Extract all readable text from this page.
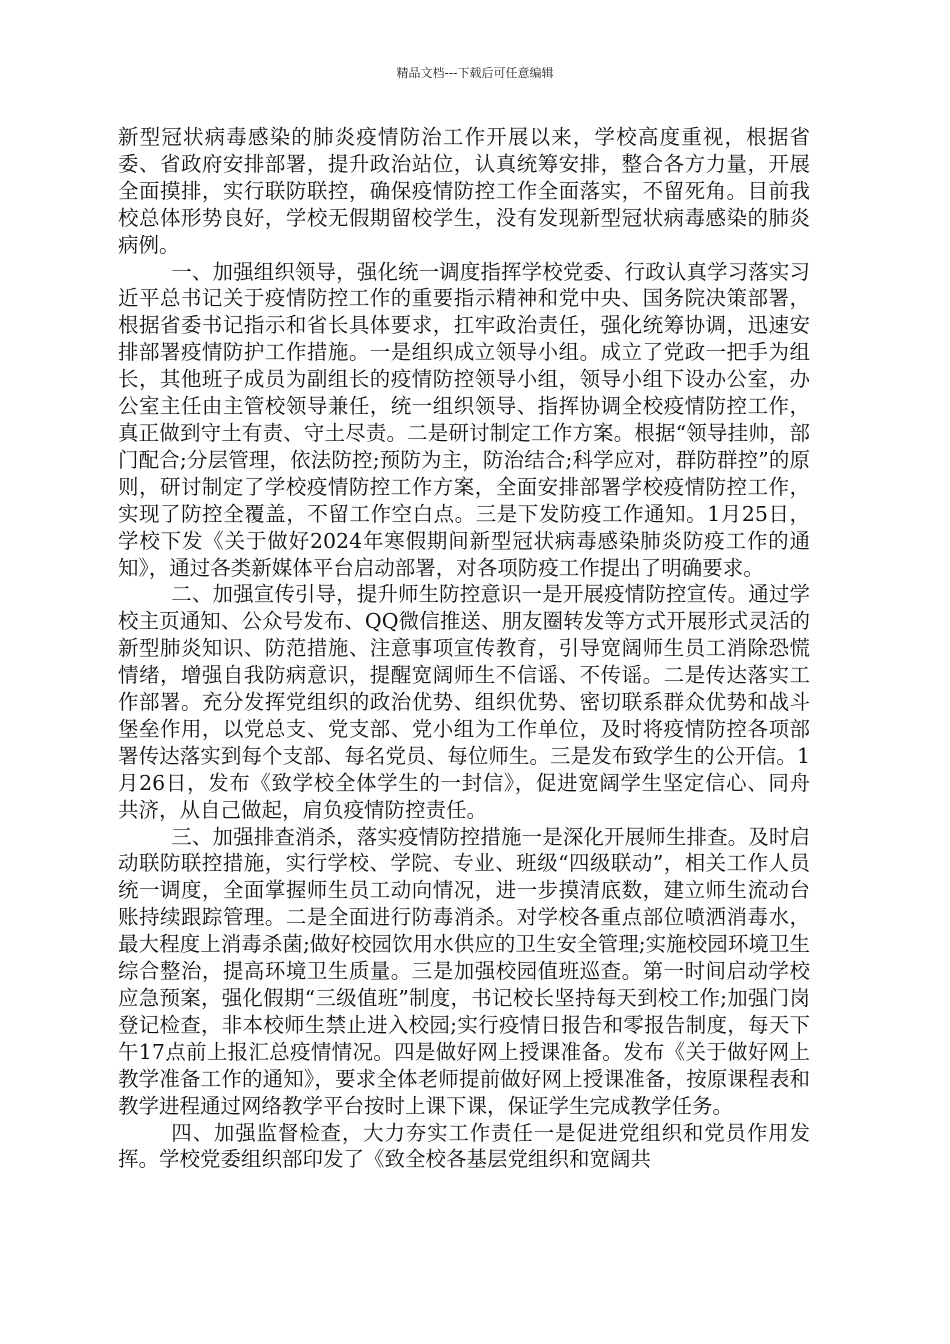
精品文档---下载后可任意编辑

新型冠状病毒感染的肺炎疫情防治工作开展以来，学校高度重视，根据省委、省政府安排部署，提升政治站位，认真统筹安排，整合各方力量，开展全面摸排，实行联防联控，确保疫情防控工作全面落实，不留死角。目前我校总体形势良好，学校无假期留校学生，没有发现新型冠状病毒感染的肺炎病例。

一、加强组织领导，强化统一调度指挥学校党委、行政认真学习落实习近平总书记关于疫情防控工作的重要指示精神和党中央、国务院决策部署，根据省委书记指示和省长具体要求，扛牢政治责任，强化统筹协调，迅速安排部署疫情防护工作措施。一是组织成立领导小组。成立了党政一把手为组长，其他班子成员为副组长的疫情防控领导小组，领导小组下设办公室，办公室主任由主管校领导兼任，统一组织领导、指挥协调全校疫情防控工作，真正做到守土有责、守土尽责。二是研讨制定工作方案。根据“领导挂帅，部门配合;分层管理，依法防控;预防为主，防治结合;科学应对，群防群控”的原则，研讨制定了学校疫情防控工作方案，全面安排部署学校疫情防控工作，实现了防控全覆盖，不留工作空白点。三是下发防疫工作通知。1月25日，学校下发《关于做好2024年寒假期间新型冠状病毒感染肺炎防疫工作的通知》，通过各类新媒体平台启动部署，对各项防疫工作提出了明确要求。

二、加强宣传引导，提升师生防控意识一是开展疫情防控宣传。通过学校主页通知、公众号发布、QQ微信推送、朋友圈转发等方式开展形式灵活的新型肺炎知识、防范措施、注意事项宣传教育，引导宽阔师生员工消除恐慌情绪，增强自我防病意识，提醒宽阔师生不信谣、不传谣。二是传达落实工作部署。充分发挥党组织的政治优势、组织优势、密切联系群众优势和战斗堡垒作用，以党总支、党支部、党小组为工作单位，及时将疫情防控各项部署传达落实到每个支部、每名党员、每位师生。三是发布致学生的公开信。1月26日，发布《致学校全体学生的一封信》，促进宽阔学生坚定信心、同舟共济，从自己做起，肩负疫情防控责任。

三、加强排查消杀，落实疫情防控措施一是深化开展师生排查。及时启动联防联控措施，实行学校、学院、专业、班级“四级联动”，相关工作人员统一调度，全面掌握师生员工动向情况，进一步摸清底数，建立师生流动台账持续跟踪管理。二是全面进行防毒消杀。对学校各重点部位喷洒消毒水，最大程度上消毒杀菌;做好校园饮用水供应的卫生安全管理;实施校园环境卫生综合整治，提高环境卫生质量。三是加强校园值班巡查。第一时间启动学校应急预案，强化假期“三级值班”制度，书记校长坚持每天到校工作;加强门岗登记检查，非本校师生禁止进入校园;实行疫情日报告和零报告制度，每天下午17点前上报汇总疫情情况。四是做好网上授课准备。发布《关于做好网上教学准备工作的通知》，要求全体老师提前做好网上授课准备，按原课程表和教学进程通过网络教学平台按时上课下课，保证学生完成教学任务。

四、加强监督检查，大力夯实工作责任一是促进党组织和党员作用发挥。学校党委组织部印发了《致全校各基层党组织和宽阔共
